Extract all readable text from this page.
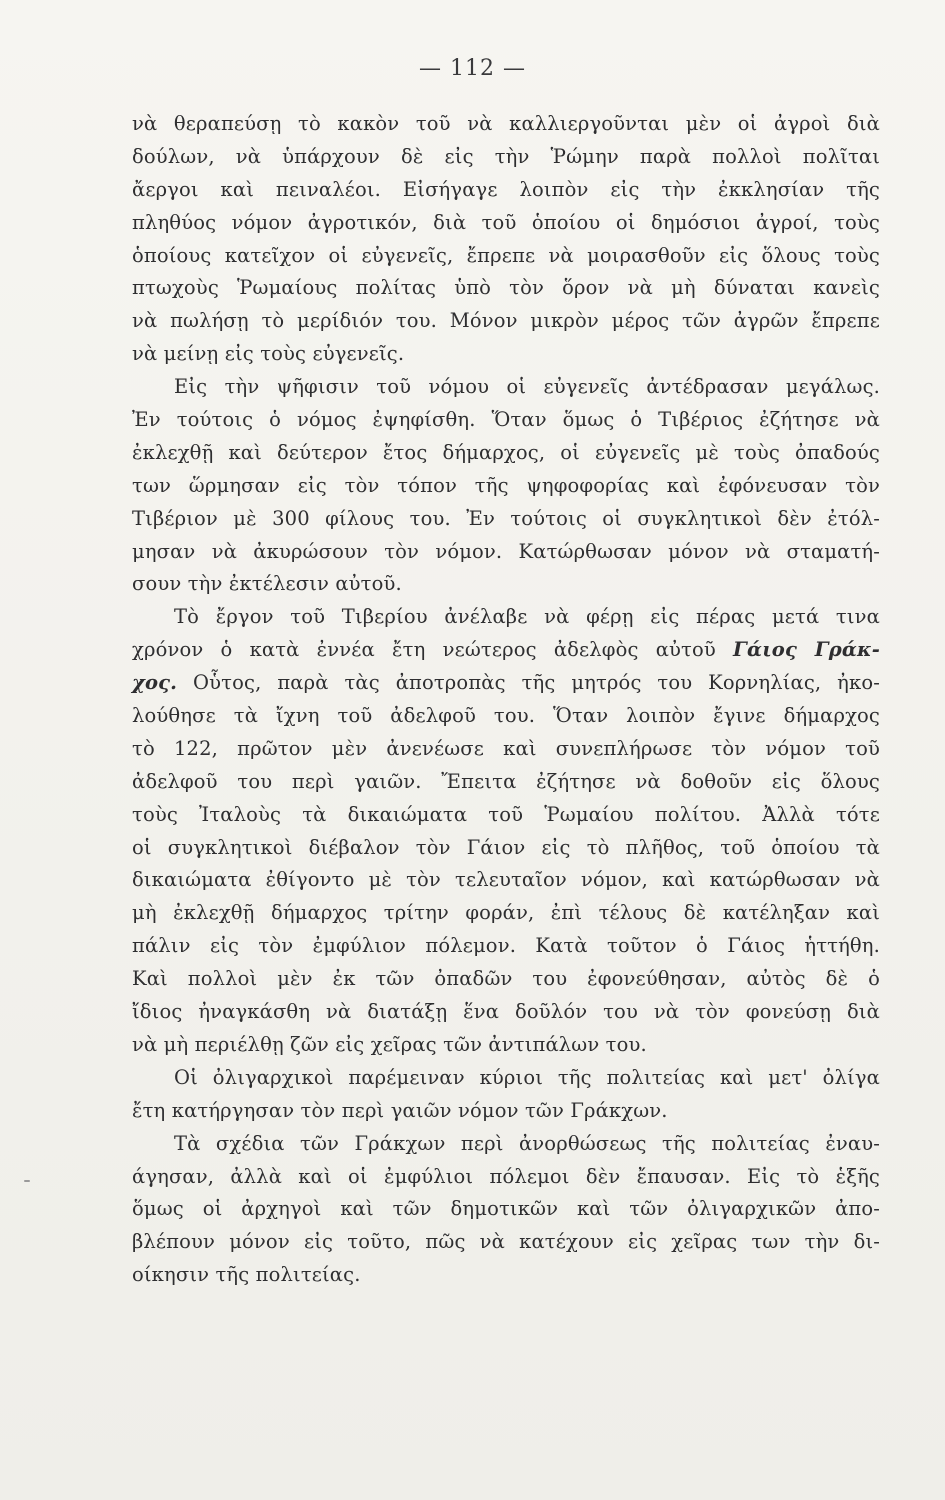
— 112 —
νὰ θεραπεύσῃ τὸ κακὸν τοῦ νὰ καλλιεργοῦνται μὲν οἱ ἀγροὶ διὰ
δούλων, νὰ ὑπάρχουν δὲ εἰς τὴν Ῥώμην παρὰ πολλοὶ πολῖται
ἄεργοι καὶ πειναλέοι. Εἰσήγαγε λοιπὸν εἰς τὴν ἐκκλησίαν τῆς
πληθύος νόμον ἀγροτικόν, διὰ τοῦ ὁποίου οἱ δημόσιοι ἀγροί, τοὺς
ὁποίους κατεῖχον οἱ εὐγενεῖς, ἔπρεπε νὰ μοιρασθοῦν εἰς ὅλους τοὺς
πτωχοὺς Ῥωμαίους πολίτας ὑπὸ τὸν ὅρον νὰ μὴ δύναται κανεὶς
νὰ πωλήσῃ τὸ μερίδιόν του. Μόνον μικρὸν μέρος τῶν ἀγρῶν ἔπρεπε
νὰ μείνῃ εἰς τοὺς εὐγενεῖς.
Εἰς τὴν ψῆφισιν τοῦ νόμου οἱ εὐγενεῖς ἀντέδρασαν μεγάλως.
Ἐν τούτοις ὁ νόμος ἐψηφίσθη. Ὅταν ὅμως ὁ Τιβέριος ἐζήτησε νὰ
ἐκλεχθῇ καὶ δεύτερον ἔτος δήμαρχος, οἱ εὐγενεῖς μὲ τοὺς ὀπαδούς
των ὥρμησαν εἰς τὸν τόπον τῆς ψηφοφορίας καὶ ἐφόνευσαν τὸν
Τιβέριον μὲ 300 φίλους του. Ἐν τούτοις οἱ συγκλητικοὶ δὲν ἐτόλ-
μησαν νὰ ἀκυρώσουν τὸν νόμον. Κατώρθωσαν μόνον νὰ σταματή-
σουν τὴν ἐκτέλεσιν αὐτοῦ.
Τὸ ἔργον τοῦ Τιβερίου ἀνέλαβε νὰ φέρῃ εἰς πέρας μετά τινα
χρόνον ὁ κατὰ ἐννέα ἔτη νεώτερος ἀδελφὸς αὐτοῦ Γάιος Γράκ-
χος. Οὗτος, παρὰ τὰς ἀποτροπὰς τῆς μητρός του Κορνηλίας, ἠκο-
λούθησε τὰ ἴχνη τοῦ ἀδελφοῦ του. Ὅταν λοιπὸν ἔγινε δήμαρχος
τὸ 122, πρῶτον μὲν ἀνενέωσε καὶ συνεπλήρωσε τὸν νόμον τοῦ
ἀδελφοῦ του περὶ γαιῶν. Ἔπειτα ἐζήτησε νὰ δοθοῦν εἰς ὅλους
τοὺς Ἰταλοὺς τὰ δικαιώματα τοῦ Ῥωμαίου πολίτου. Ἀλλὰ τότε
οἱ συγκλητικοὶ διέβαλον τὸν Γάιον εἰς τὸ πλῆθος, τοῦ ὁποίου τὰ
δικαιώματα ἐθίγοντο μὲ τὸν τελευταῖον νόμον, καὶ κατώρθωσαν νὰ
μὴ ἐκλεχθῇ δήμαρχος τρίτην φοράν, ἐπὶ τέλους δὲ κατέληξαν καὶ
πάλιν εἰς τὸν ἐμφύλιον πόλεμον. Κατὰ τοῦτον ὁ Γάιος ἡττήθη.
Καὶ πολλοὶ μὲν ἐκ τῶν ὀπαδῶν του ἐφονεύθησαν, αὐτὸς δὲ ὁ
ἴδιος ἠναγκάσθη νὰ διατάξῃ ἕνα δοῦλόν του νὰ τὸν φονεύσῃ διὰ
νὰ μὴ περιέλθῃ ζῶν εἰς χεῖρας τῶν ἀντιπάλων του.
Οἱ ὀλιγαρχικοὶ παρέμειναν κύριοι τῆς πολιτείας καὶ μετ' ὀλίγα
ἔτη κατήργησαν τὸν περὶ γαιῶν νόμον τῶν Γράκχων.
Τὰ σχέδια τῶν Γράκχων περὶ ἀνορθώσεως τῆς πολιτείας ἐναυ-
άγησαν, ἀλλὰ καὶ οἱ ἐμφύλιοι πόλεμοι δὲν ἔπαυσαν. Εἰς τὸ ἑξῆς
ὅμως οἱ ἀρχηγοὶ καὶ τῶν δημοτικῶν καὶ τῶν ὀλιγαρχικῶν ἀπο-
βλέπουν μόνον εἰς τοῦτο, πῶς νὰ κατέχουν εἰς χεῖρας των τὴν δι-
οίκησιν τῆς πολιτείας.
